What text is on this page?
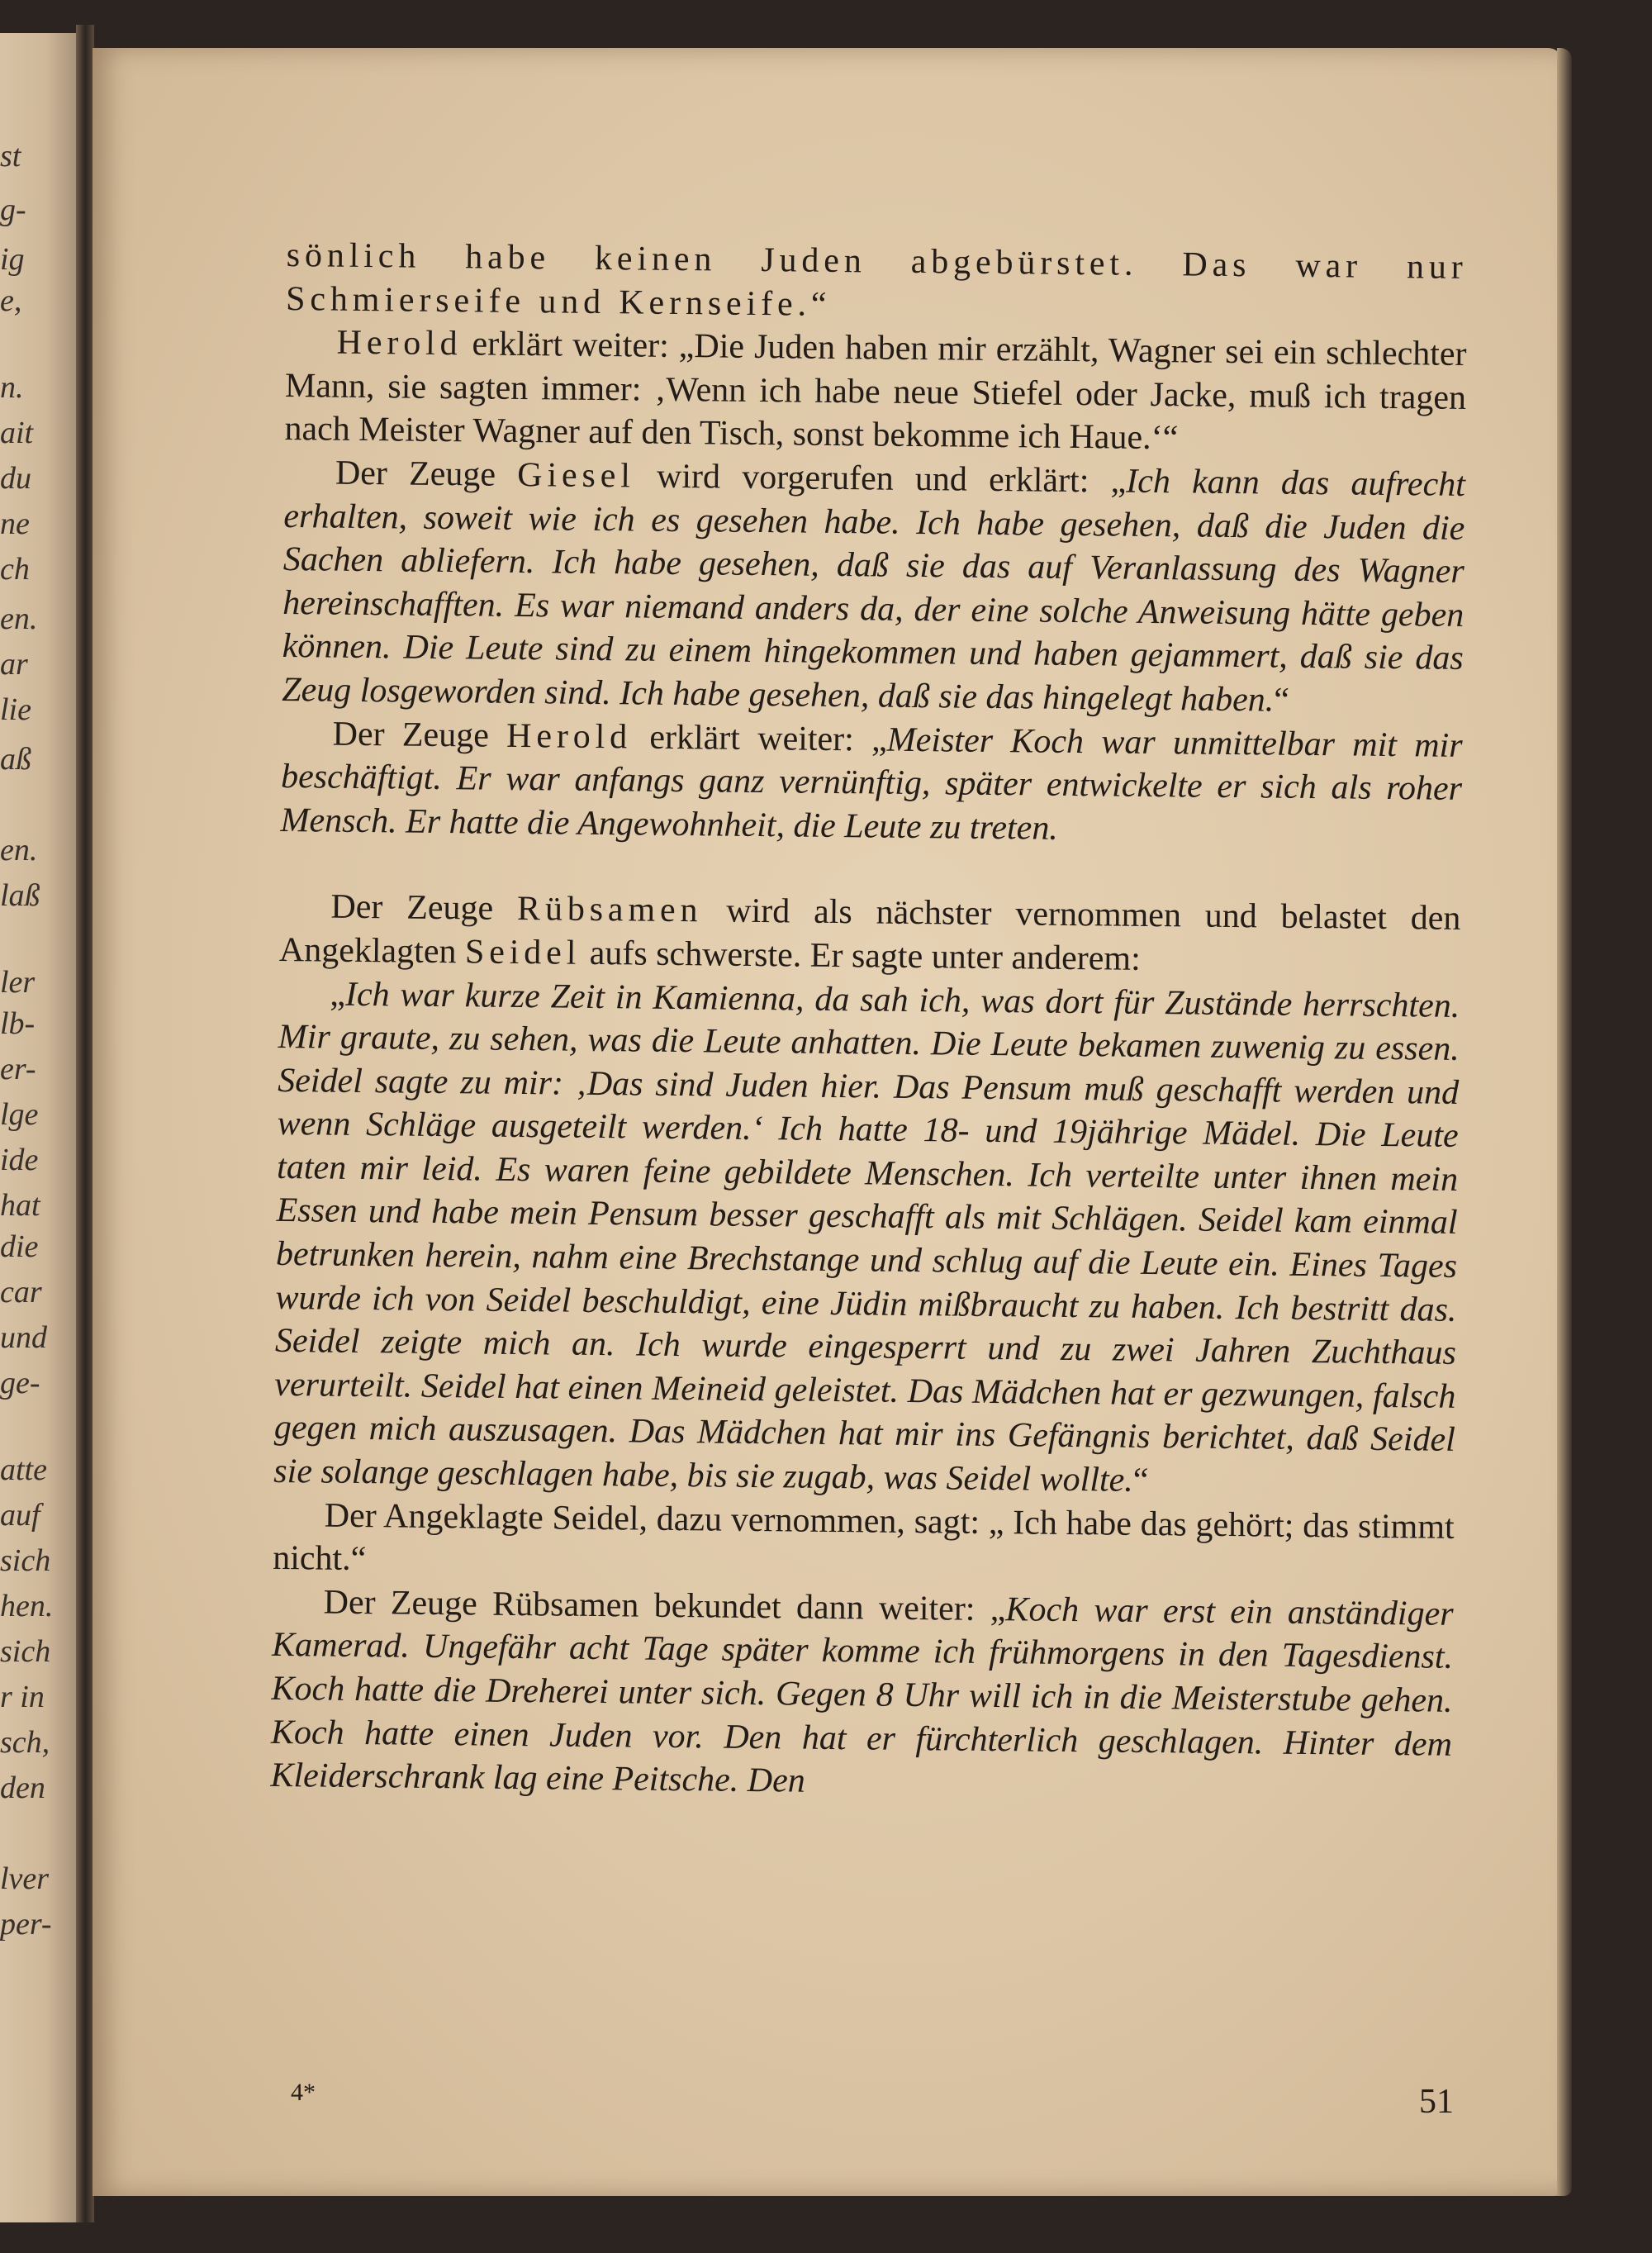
st
g-
ig
e,
n.
ait
du
ne
ch
en.
ar
lie
aß
en.
laß
ler
lb-
er-
lge
ide
hat
die
car
und
ge-
atte
auf
sich
hen.
sich
r in
sch,
den
lver
per-

sönlich habe keinen Juden abgebürstet. Das war nur Schmierseife und Kernseife.“

Herold erklärt weiter: „Die Juden haben mir erzählt, Wagner sei ein schlechter Mann, sie sagten immer: ‚Wenn ich habe neue Stiefel oder Jacke, muß ich tragen nach Meister Wagner auf den Tisch, sonst bekomme ich Haue.‘“

Der Zeuge Giesel wird vorgerufen und erklärt: „Ich kann das aufrecht erhalten, soweit wie ich es gesehen habe. Ich habe gesehen, daß die Juden die Sachen abliefern. Ich habe gesehen, daß sie das auf Veranlassung des Wagner hereinschafften. Es war niemand anders da, der eine solche Anweisung hätte geben können. Die Leute sind zu einem hingekommen und haben gejammert, daß sie das Zeug losgeworden sind. Ich habe gesehen, daß sie das hingelegt haben.“

Der Zeuge Herold erklärt weiter: „Meister Koch war unmittelbar mit mir beschäftigt. Er war anfangs ganz vernünftig, später entwickelte er sich als roher Mensch. Er hatte die Angewohnheit, die Leute zu treten.

Der Zeuge Rübsamen wird als nächster vernommen und belastet den Angeklagten Seidel aufs schwerste. Er sagte unter anderem:

„Ich war kurze Zeit in Kamienna, da sah ich, was dort für Zustände herrschten. Mir graute, zu sehen, was die Leute anhatten. Die Leute bekamen zuwenig zu essen. Seidel sagte zu mir: ‚Das sind Juden hier. Das Pensum muß geschafft werden und wenn Schläge ausgeteilt werden.‘ Ich hatte 18- und 19jährige Mädel. Die Leute taten mir leid. Es waren feine gebildete Menschen. Ich verteilte unter ihnen mein Essen und habe mein Pensum besser geschafft als mit Schlägen. Seidel kam einmal betrunken herein, nahm eine Brechstange und schlug auf die Leute ein. Eines Tages wurde ich von Seidel beschuldigt, eine Jüdin mißbraucht zu haben. Ich bestritt das. Seidel zeigte mich an. Ich wurde eingesperrt und zu zwei Jahren Zuchthaus verurteilt. Seidel hat einen Meineid geleistet. Das Mädchen hat er gezwungen, falsch gegen mich auszusagen. Das Mädchen hat mir ins Gefängnis berichtet, daß Seidel sie solange geschlagen habe, bis sie zugab, was Seidel wollte.“

Der Angeklagte Seidel, dazu vernommen, sagt: „ Ich habe das gehört; das stimmt nicht.“

Der Zeuge Rübsamen bekundet dann weiter: „Koch war erst ein anständiger Kamerad. Ungefähr acht Tage später komme ich frühmorgens in den Tagesdienst. Koch hatte die Dreherei unter sich. Gegen 8 Uhr will ich in die Meisterstube gehen. Koch hatte einen Juden vor. Den hat er fürchterlich geschlagen. Hinter dem Kleiderschrank lag eine Peitsche. Den

4*	51
